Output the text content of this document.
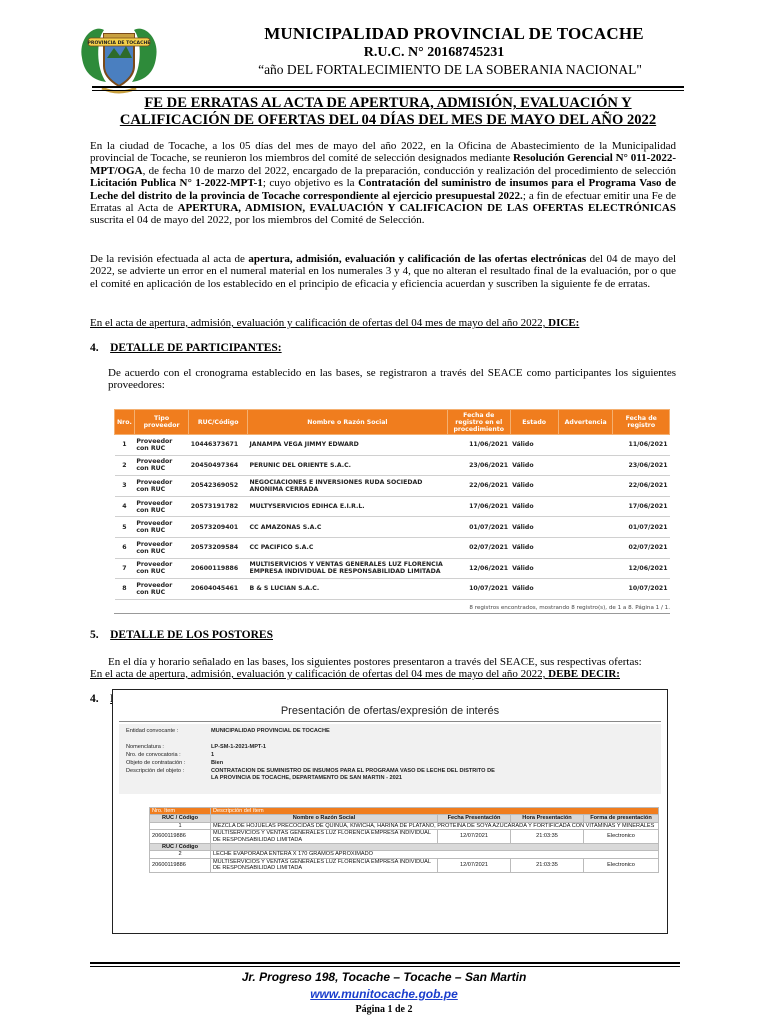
PROVINCIA DE TOCACHE
MUNICIPALIDAD PROVINCIAL DE TOCACHE
R.U.C. N° 20168745231
“año DEL FORTALECIMIENTO DE LA SOBERANIA NACIONAL"
FE DE ERRATAS AL ACTA DE APERTURA, ADMISIÓN, EVALUACIÓN Y
CALIFICACIÓN DE OFERTAS DEL 04 DÍAS DEL MES DE MAYO DEL AÑO 2022
En la ciudad de Tocache, a los 05 días del mes de mayo del año 2022, en la Oficina de Abastecimiento de la Municipalidad provincial de Tocache, se reunieron los miembros del comité de selección designados mediante Resolución Gerencial N° 011-2022-MPT/OGA, de fecha 10 de marzo del 2022, encargado de la preparación, conducción y realización del procedimiento de selección Licitación Publica N° 1-2022-MPT-1; cuyo objetivo es la Contratación del suministro de insumos para el Programa Vaso de Leche del distrito de la provincia de Tocache correspondiente al ejercicio presupuestal 2022.; a fin de efectuar emitir una Fe de Erratas al Acta de APERTURA, ADMISION, EVALUACIÓN Y CALIFICACION DE LAS OFERTAS ELECTRÓNICAS suscrita el 04 de mayo del 2022, por los miembros del Comité de Selección.
De la revisión efectuada al acta de apertura, admisión, evaluación y calificación de las ofertas electrónicas del 04 de mayo del 2022, se advierte un error en el numeral material en los numerales 3 y 4, que no alteran el resultado final de la evaluación, por o que el comité en aplicación de los establecido en el principio de eficacia y eficiencia acuerdan y suscriben la siguiente fe de erratas.
En el acta de apertura, admisión, evaluación y calificación de ofertas del 04 mes de mayo del año 2022, DICE:
4. DETALLE DE PARTICIPANTES:
De acuerdo con el cronograma establecido en las bases, se registraron a través del SEACE como participantes los siguientes proveedores:
Nro.	Tipo proveedor	RUC/Código	Nombre o Razón Social	Fecha de registro en el procedimiento	Estado	Advertencia	Fecha de registro
1	Proveedor con RUC	10446373671	JANAMPA VEGA JIMMY EDWARD	11/06/2021	Válido		11/06/2021
2	Proveedor con RUC	20450497364	PERUNIC DEL ORIENTE S.A.C.	23/06/2021	Válido		23/06/2021
3	Proveedor con RUC	20542369052	NEGOCIACIONES E INVERSIONES RUDA SOCIEDAD ANONIMA CERRADA	22/06/2021	Válido		22/06/2021
4	Proveedor con RUC	20573191782	MULTYSERVICIOS EDIHCA E.I.R.L.	17/06/2021	Válido		17/06/2021
5	Proveedor con RUC	20573209401	CC AMAZONAS S.A.C	01/07/2021	Válido		01/07/2021
6	Proveedor con RUC	20573209584	CC PACIFICO S.A.C	02/07/2021	Válido		02/07/2021
7	Proveedor con RUC	20600119886	MULTISERVICIOS Y VENTAS GENERALES LUZ FLORENCIA EMPRESA INDIVIDUAL DE RESPONSABILIDAD LIMITADA	12/06/2021	Válido		12/06/2021
8	Proveedor con RUC	20604045461	B & S LUCIAN S.A.C.	10/07/2021	Válido		10/07/2021
8 registros encontrados, mostrando 8 registro(s), de 1 a 8. Página 1 / 1.
5. DETALLE DE LOS POSTORES
En el día y horario señalado en las bases, los siguientes postores presentaron a través del SEACE, sus respectivas ofertas:
En el acta de apertura, admisión, evaluación y calificación de ofertas del 04 mes de mayo del año 2022, DEBE DECIR:
4.
Presentación de ofertas/expresión de interés
Entidad convocante :	MUNICIPALIDAD PROVINCIAL DE TOCACHE
Nomenclatura :	LP-SM-1-2021-MPT-1
Nro. de convocatoria :	1
Objeto de contratación :	Bien
Descripción del objeto :	CONTRATACION DE SUMINISTRO DE INSUMOS PARA EL PROGRAMA VASO DE LECHE DEL DISTRITO DE LA PROVINCIA DE TOCACHE, DEPARTAMENTO DE SAN MARTIN - 2021
Nro. Item	Descripción del ítem			
RUC / Código	Nombre o Razón Social	Fecha Presentación	Hora Presentación	Forma de presentación
1	MEZCLA DE HOJUELAS PRECOCIDAS DE QUINUA, KIWICHA, HARINA DE PLATANO, PROTEINA DE SOYA AZUCARADA Y FORTIFICADA CON VITAMINAS Y MINERALES			
20600119886	MULTISERVICIOS Y VENTAS GENERALES LUZ FLORENCIA EMPRESA INDIVIDUAL DE RESPONSABILIDAD LIMITADA	12/07/2021	21:03:35	Electronico
RUC / Código				
2	LECHE EVAPORADA ENTERA X 170 GRAMOS APROXIMADO			
20600119886	MULTISERVICIOS Y VENTAS GENERALES LUZ FLORENCIA EMPRESA INDIVIDUAL DE RESPONSABILIDAD LIMITADA	12/07/2021	21:03:35	Electronico
Jr. Progreso 198, Tocache – Tocache – San Martin
www.munitocache.gob.pe
Página 1 de 2
